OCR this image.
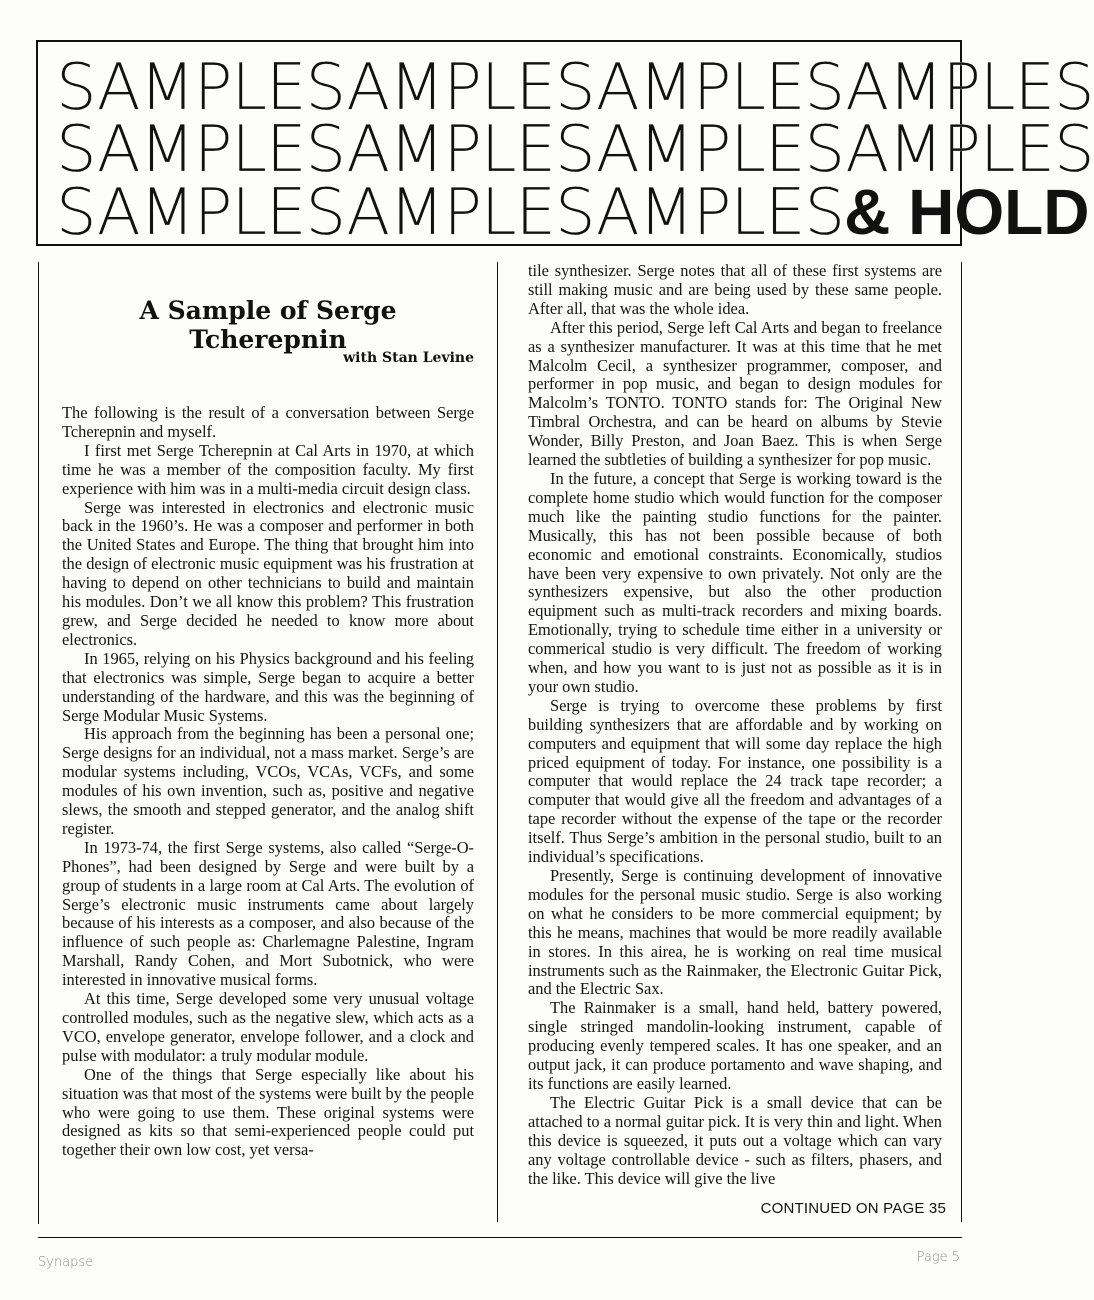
SAMPLESAMPLESAMPLESAMPLES
SAMPLESAMPLESAMPLESAMPLES
SAMPLESAMPLESAMPLES& HOLD
A Sample of Serge Tcherepnin
with Stan Levine

The following is the result of a conversation between Serge Tcherepnin and myself.

I first met Serge Tcherepnin at Cal Arts in 1970, at which time he was a member of the composition faculty. My first experience with him was in a multi-media circuit design class.

Serge was interested in electronics and electronic music back in the 1960’s. He was a composer and performer in both the United States and Europe. The thing that brought him into the design of electronic music equipment was his frustration at having to depend on other technicians to build and maintain his modules. Don’t we all know this problem? This frustration grew, and Serge decided he needed to know more about electronics.

In 1965, relying on his Physics background and his feeling that electronics was simple, Serge began to acquire a better understanding of the hardware, and this was the beginning of Serge Modular Music Systems.

His approach from the beginning has been a personal one; Serge designs for an individual, not a mass market. Serge’s are modular systems including, VCOs, VCAs, VCFs, and some modules of his own invention, such as, positive and negative slews, the smooth and stepped generator, and the analog shift register.

In 1973-74, the first Serge systems, also called “Serge-O-Phones”, had been designed by Serge and were built by a group of students in a large room at Cal Arts. The evolution of Serge’s electronic music instruments came about largely because of his interests as a composer, and also because of the influence of such people as: Charlemagne Palestine, Ingram Marshall, Randy Cohen, and Mort Subotnick, who were interested in innovative musical forms.

At this time, Serge developed some very unusual voltage controlled modules, such as the negative slew, which acts as a VCO, envelope generator, envelope follower, and a clock and pulse with modulator: a truly modular module.

One of the things that Serge especially like about his situation was that most of the systems were built by the people who were going to use them. These original systems were designed as kits so that semi-experienced people could put together their own low cost, yet versa-

tile synthesizer. Serge notes that all of these first systems are still making music and are being used by these same people. After all, that was the whole idea.

After this period, Serge left Cal Arts and began to freelance as a synthesizer manufacturer. It was at this time that he met Malcolm Cecil, a synthesizer programmer, composer, and performer in pop music, and began to design modules for Malcolm’s TONTO. TONTO stands for: The Original New Timbral Orchestra, and can be heard on albums by Stevie Wonder, Billy Preston, and Joan Baez. This is when Serge learned the subtleties of building a synthesizer for pop music.

In the future, a concept that Serge is working toward is the complete home studio which would function for the composer much like the painting studio functions for the painter. Musically, this has not been possible because of both economic and emotional constraints. Economically, studios have been very expensive to own privately. Not only are the synthesizers expensive, but also the other production equipment such as multi-track recorders and mixing boards. Emotionally, trying to schedule time either in a university or commerical studio is very difficult. The freedom of working when, and how you want to is just not as possible as it is in your own studio.

Serge is trying to overcome these problems by first building synthesizers that are affordable and by working on computers and equipment that will some day replace the high priced equipment of today. For instance, one possibility is a computer that would replace the 24 track tape recorder; a computer that would give all the freedom and advantages of a tape recorder without the expense of the tape or the recorder itself. Thus Serge’s ambition in the personal studio, built to an individual’s specifications.

Presently, Serge is continuing development of innovative modules for the personal music studio. Serge is also working on what he considers to be more commercial equipment; by this he means, machines that would be more readily available in stores. In this airea, he is working on real time musical instruments such as the Rainmaker, the Electronic Guitar Pick, and the Electric Sax.

The Rainmaker is a small, hand held, battery powered, single stringed mandolin-looking instrument, capable of producing evenly tempered scales. It has one speaker, and an output jack, it can produce portamento and wave shaping, and its functions are easily learned.

The Electric Guitar Pick is a small device that can be attached to a normal guitar pick. It is very thin and light. When this device is squeezed, it puts out a voltage which can vary any voltage controllable device - such as filters, phasers, and the like. This device will give the live

CONTINUED ON PAGE 35
Synapse	Page 5
